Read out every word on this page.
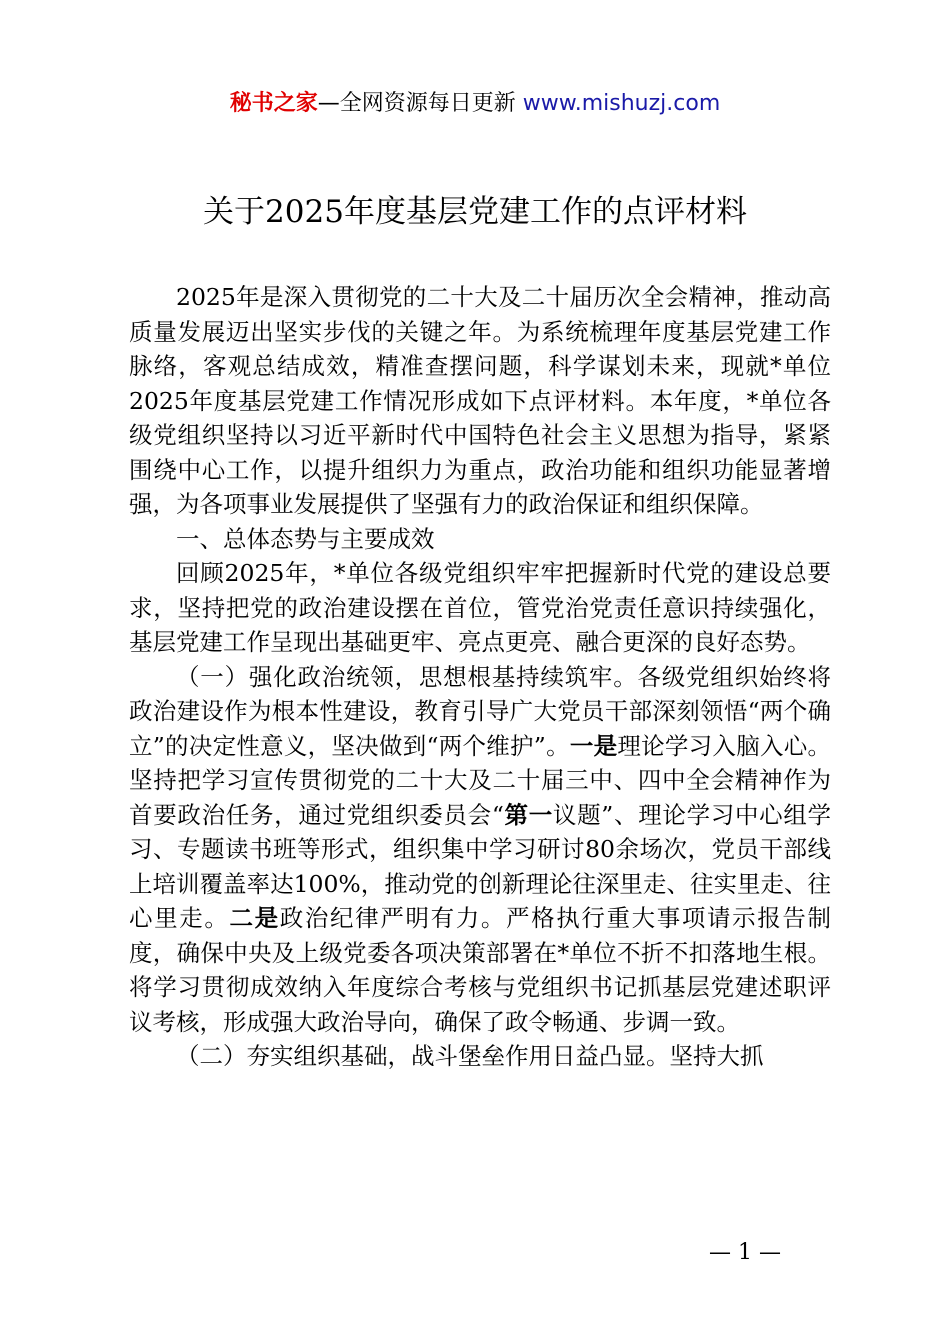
秘书之家—全网资源每日更新 www.mishuzj.com
关于2025年度基层党建工作的点评材料

2025年是深入贯彻党的二十大及二十届历次全会精神，推动高质量发展迈出坚实步伐的关键之年。为系统梳理年度基层党建工作脉络，客观总结成效，精准查摆问题，科学谋划未来，现就*单位2025年度基层党建工作情况形成如下点评材料。本年度，*单位各级党组织坚持以习近平新时代中国特色社会主义思想为指导，紧紧围绕中心工作，以提升组织力为重点，政治功能和组织功能显著增强，为各项事业发展提供了坚强有力的政治保证和组织保障。

一、总体态势与主要成效

回顾2025年，*单位各级党组织牢牢把握新时代党的建设总要求，坚持把党的政治建设摆在首位，管党治党责任意识持续强化，基层党建工作呈现出基础更牢、亮点更亮、融合更深的良好态势。

（一）强化政治统领，思想根基持续筑牢。各级党组织始终将政治建设作为根本性建设，教育引导广大党员干部深刻领悟“两个确立”的决定性意义，坚决做到“两个维护”。一是理论学习入脑入心。坚持把学习宣传贯彻党的二十大及二十届三中、四中全会精神作为首要政治任务，通过党组织委员会“第一议题”、理论学习中心组学习、专题读书班等形式，组织集中学习研讨80余场次，党员干部线上培训覆盖率达100%，推动党的创新理论往深里走、往实里走、往心里走。二是政治纪律严明有力。严格执行重大事项请示报告制度，确保中央及上级党委各项决策部署在*单位不折不扣落地生根。将学习贯彻成效纳入年度综合考核与党组织书记抓基层党建述职评议考核，形成强大政治导向，确保了政令畅通、步调一致。

（二）夯实组织基础，战斗堡垒作用日益凸显。坚持大抓

— 1 —
